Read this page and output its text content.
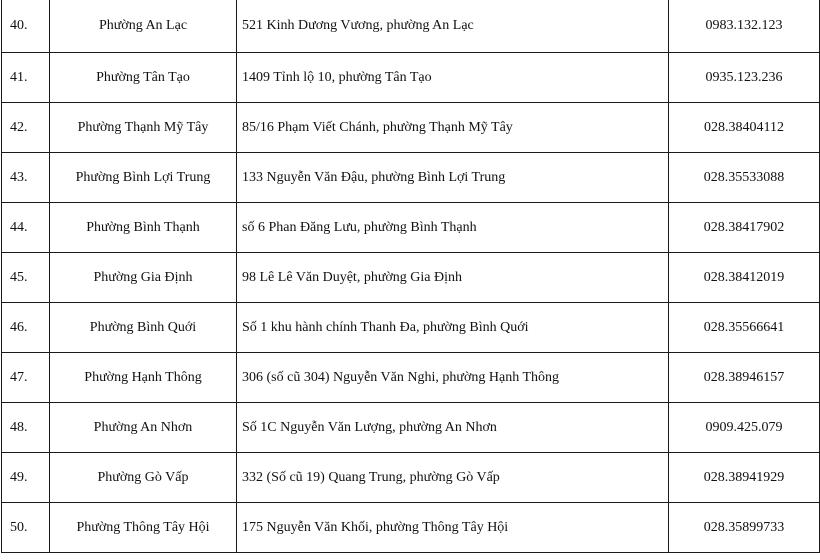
40.	Phường An Lạc	521 Kinh Dương Vương, phường An Lạc	0983.132.123
41.	Phường Tân Tạo	1409 Tỉnh lộ 10, phường Tân Tạo	0935.123.236
42.	Phường Thạnh Mỹ Tây	85/16 Phạm Viết Chánh, phường Thạnh Mỹ Tây	028.38404112
43.	Phường Bình Lợi Trung	133 Nguyễn Văn Đậu, phường Bình Lợi Trung	028.35533088
44.	Phường Bình Thạnh	số 6 Phan Đăng Lưu, phường Bình Thạnh	028.38417902
45.	Phường Gia Định	98 Lê Lê Văn Duyệt, phường Gia Định	028.38412019
46.	Phường Bình Quới	Số 1 khu hành chính Thanh Đa, phường Bình Quới	028.35566641
47.	Phường Hạnh Thông	306 (số cũ 304) Nguyễn Văn Nghi, phường Hạnh Thông	028.38946157
48.	Phường An Nhơn	Số 1C Nguyễn Văn Lượng, phường An Nhơn	0909.425.079
49.	Phường Gò Vấp	332 (Số cũ 19) Quang Trung, phường Gò Vấp	028.38941929
50.	Phường Thông Tây Hội	175 Nguyễn Văn Khối, phường Thông Tây Hội	028.35899733
